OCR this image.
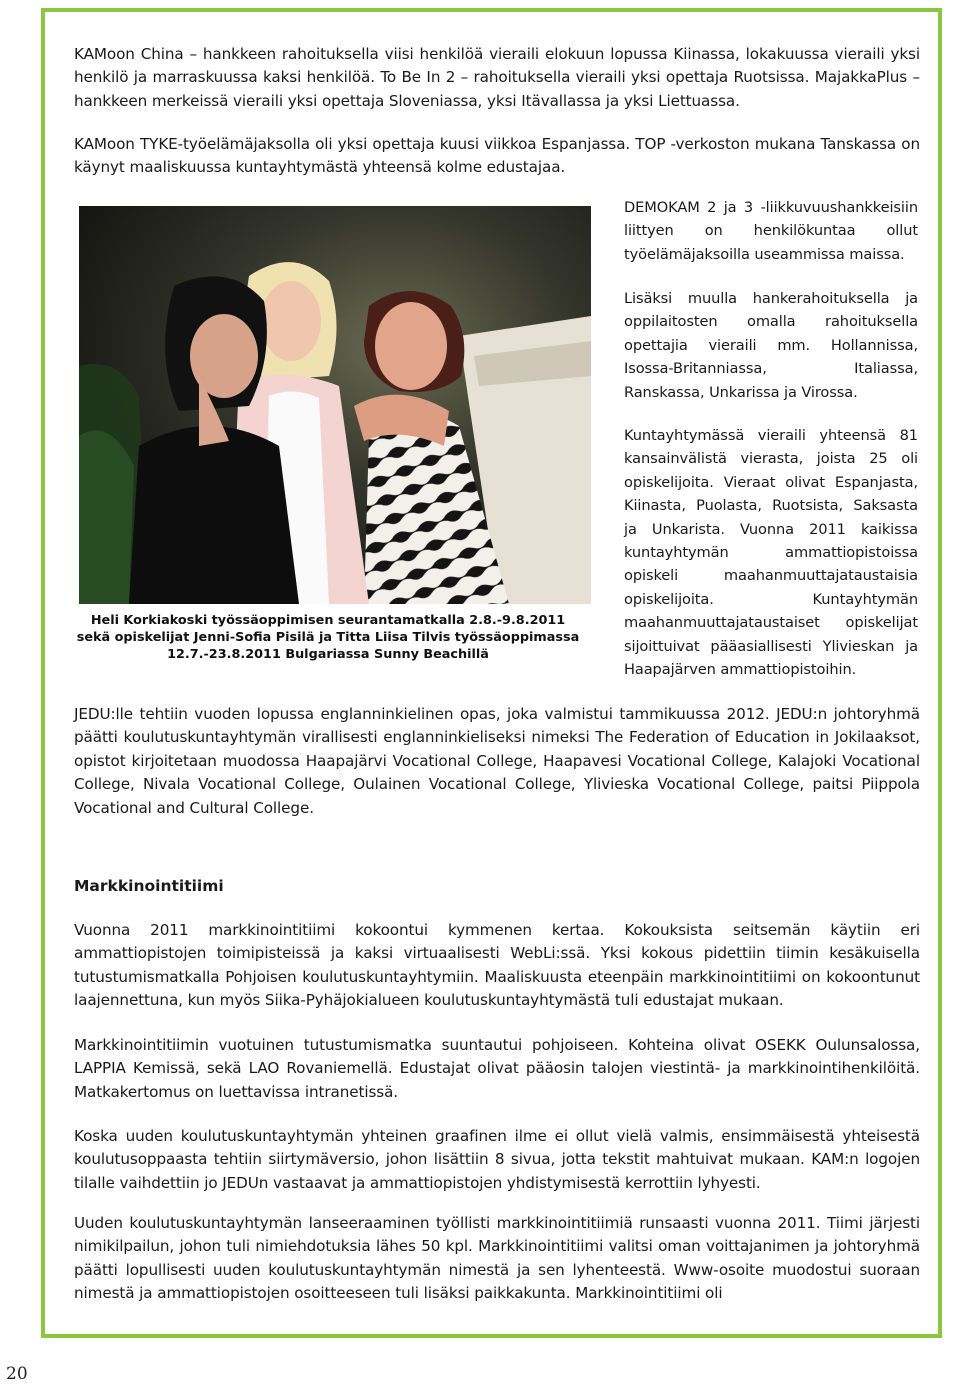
KAMoon China – hankkeen rahoituksella viisi henkilöä vieraili elokuun lopussa Kiinassa, lokakuussa vieraili yksi henkilö ja marraskuussa kaksi henkilöä. To Be In 2 – rahoituksella vieraili yksi opettaja Ruotsissa. MajakkaPlus – hankkeen merkeissä vieraili yksi opettaja Sloveniassa, yksi Itävallassa ja yksi Liettuassa.

KAMoon TYKE-työelämäjaksolla oli yksi opettaja kuusi viikkoa Espanjassa. TOP -verkoston mukana Tanskassa on käynyt maaliskuussa kuntayhtymästä yhteensä kolme edustajaa.

Heli Korkiakoski työssäoppimisen seurantamatkalla 2.8.-9.8.2011 sekä opiskelijat Jenni-Sofia Pisilä ja Titta Liisa Tilvis työssäoppimassa 12.7.-23.8.2011 Bulgariassa Sunny Beachillä

DEMOKAM 2 ja 3 -liikkuvuushankkeisiin liittyen on henkilökuntaa ollut työelämäjaksoilla useammissa maissa.

Lisäksi muulla hankerahoituksella ja oppilaitosten omalla rahoituksella opettajia vieraili mm. Hollannissa, Isossa-Britanniassa, Italiassa, Ranskassa, Unkarissa ja Virossa.

Kuntayhtymässä vieraili yhteensä 81 kansainvälistä vierasta, joista 25 oli opiskelijoita. Vieraat olivat Espanjasta, Kiinasta, Puolasta, Ruotsista, Saksasta ja Unkarista. Vuonna 2011 kaikissa kuntayhtymän ammattiopistoissa opiskeli maahanmuuttajataustaisia opiskelijoita. Kuntayhtymän maahanmuuttajataustaiset opiskelijat sijoittuivat pääasiallisesti Ylivieskan ja Haapajärven ammattiopistoihin.

JEDU:lle tehtiin vuoden lopussa englanninkielinen opas, joka valmistui tammikuussa 2012. JEDU:n johtoryhmä päätti koulutuskuntayhtymän virallisesti englanninkieliseksi nimeksi The Federation of Education in Jokilaaksot, opistot kirjoitetaan muodossa Haapajärvi Vocational College, Haapavesi Vocational College, Kalajoki Vocational College, Nivala Vocational College, Oulainen Vocational College, Ylivieska Vocational College, paitsi Piippola Vocational and Cultural College.

Markkinointitiimi

Vuonna 2011 markkinointitiimi kokoontui kymmenen kertaa. Kokouksista seitsemän käytiin eri ammattiopistojen toimipisteissä ja kaksi virtuaalisesti WebLi:ssä. Yksi kokous pidettiin tiimin kesäkuisella tutustumismatkalla Pohjoisen koulutuskuntayhtymiin. Maaliskuusta eteenpäin markkinointitiimi on kokoontunut laajennettuna, kun myös Siika-Pyhäjokialueen koulutuskuntayhtymästä tuli edustajat mukaan.

Markkinointitiimin vuotuinen tutustumismatka suuntautui pohjoiseen. Kohteina olivat OSEKK Oulunsalossa, LAPPIA Kemissä, sekä LAO Rovaniemellä. Edustajat olivat pääosin talojen viestintä- ja markkinointihenkilöitä. Matkakertomus on luettavissa intranetissä.

Koska uuden koulutuskuntayhtymän yhteinen graafinen ilme ei ollut vielä valmis, ensimmäisestä yhteisestä koulutusoppaasta tehtiin siirtymäversio, johon lisättiin 8 sivua, jotta tekstit mahtuivat mukaan. KAM:n logojen tilalle vaihdettiin jo JEDUn vastaavat ja ammattiopistojen yhdistymisestä kerrottiin lyhyesti.

Uuden koulutuskuntayhtymän lanseeraaminen työllisti markkinointitiimiä runsaasti vuonna 2011. Tiimi järjesti nimikilpailun, johon tuli nimiehdotuksia lähes 50 kpl. Markkinointitiimi valitsi oman voittajanimen ja johtoryhmä päätti lopullisesti uuden koulutuskuntayhtymän nimestä ja sen lyhenteestä. Www-osoite muodostui suoraan nimestä ja ammattiopistojen osoitteeseen tuli lisäksi paikkakunta. Markkinointitiimi oli

20
